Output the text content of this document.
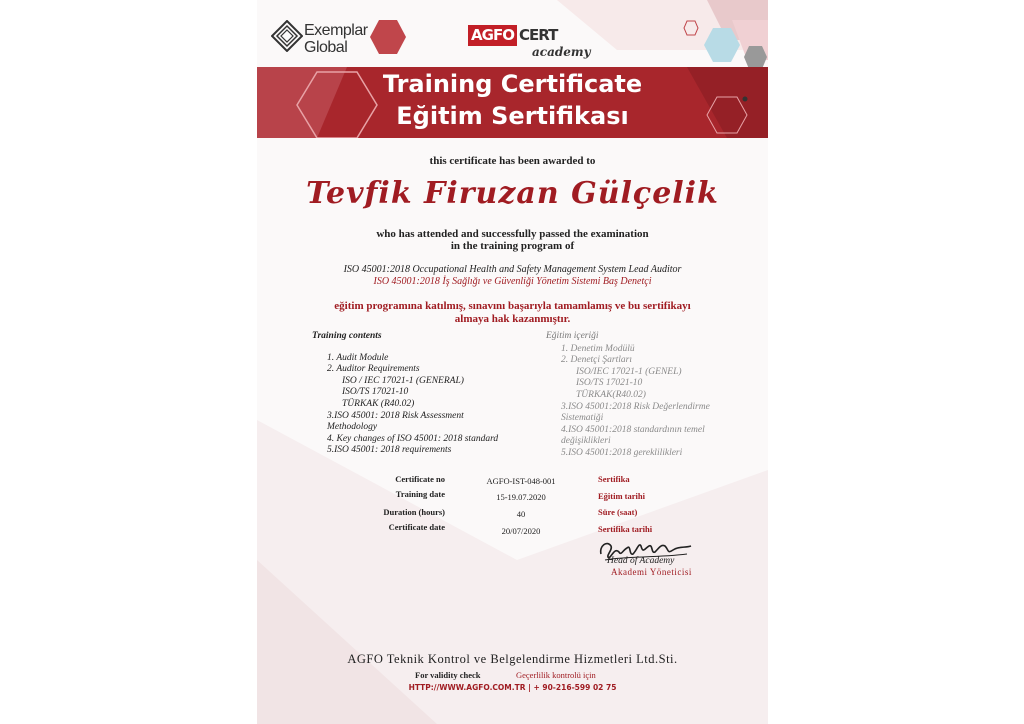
Exemplar
Global
AGFO CERT
academy
Training Certificate
Eğitim Sertifikası
this certificate has been awarded to
Tevfik Firuzan Gülçelik
who has attended and successfully passed the examination
in the training program of
ISO 45001:2018 Occupational Health and Safety Management System Lead Auditor
ISO 45001:2018 İş Sağlığı ve Güvenliği Yönetim Sistemi Baş Denetçi
eğitim programına katılmış, sınavını başarıyla tamamlamış ve bu sertifikayı
almaya hak kazanmıştır.
Training contents
1. Audit Module
2. Auditor Requirements
ISO / IEC 17021-1 (GENERAL)
ISO/TS 17021-10
TÜRKAK (R40.02)
3.ISO 45001: 2018 Risk Assessment
Methodology
4. Key changes of ISO 45001: 2018 standard
5.ISO 45001: 2018 requirements
Eğitim içeriği
1. Denetim Modülü
2. Denetçi Şartları
ISO/IEC 17021-1 (GENEL)
ISO/TS 17021-10
TÜRKAK(R40.02)
3.ISO 45001:2018 Risk Değerlendirme
Sistematiği
4.ISO 45001:2018 standardının temel
değişiklikleri
5.ISO 45001:2018 gereklilikleri
Certificate no	AGFO-IST-048-001	Sertifika
Training date	15-19.07.2020	Eğitim tarihi
Duration (hours)	40	Süre (saat)
Certificate date	20/07/2020	Sertifika tarihi
Head of Academy
Akademi Yöneticisi
AGFO Teknik Kontrol ve Belgelendirme Hizmetleri Ltd.Sti.
For validity check	Geçerlilik kontrolü için
HTTP://WWW.AGFO.COM.TR | + 90-216-599 02 75
